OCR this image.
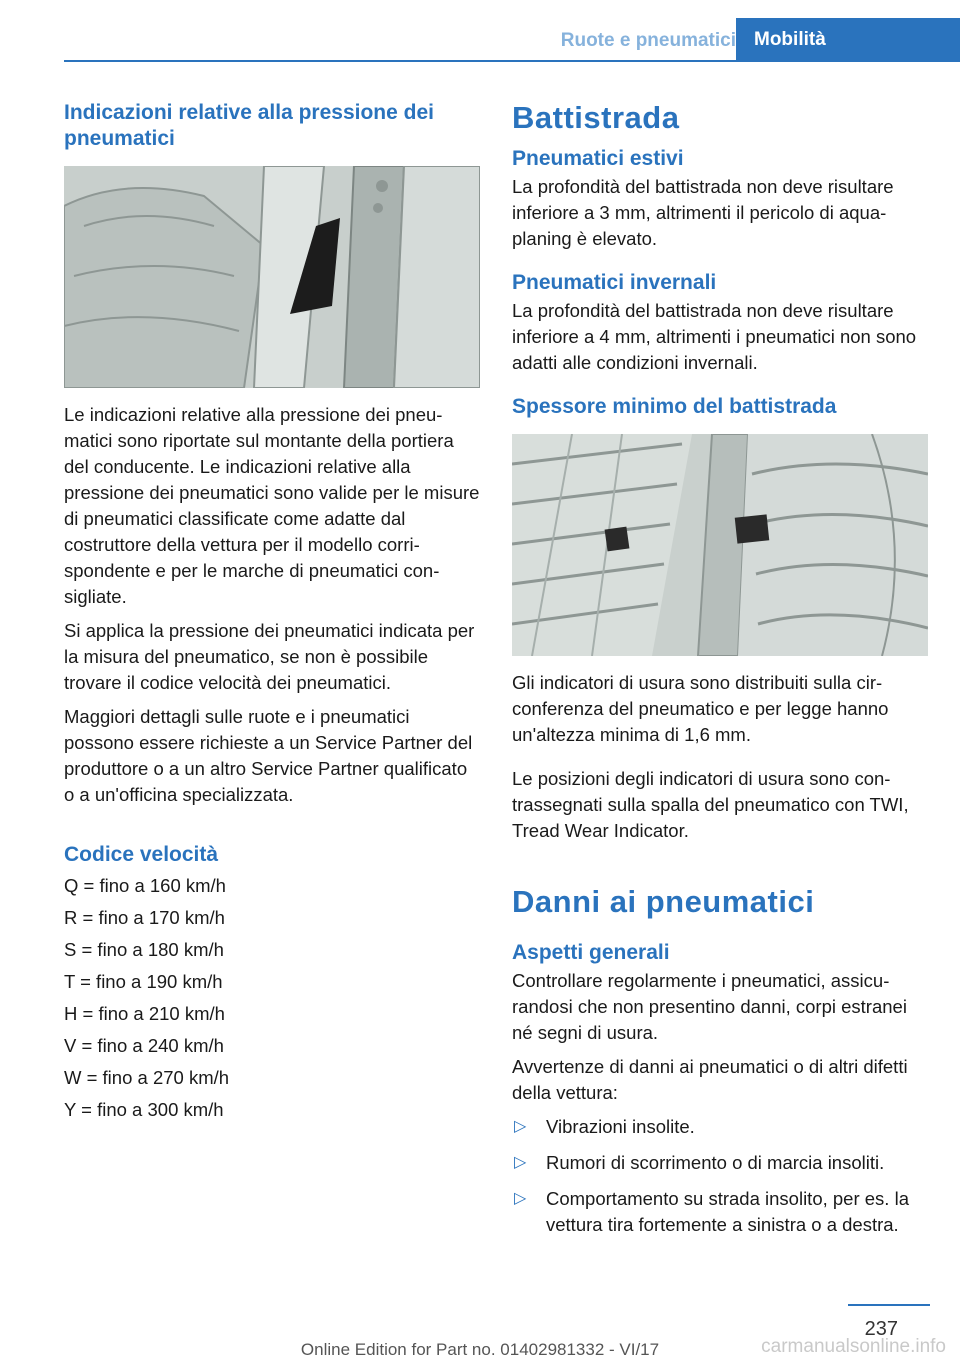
Ruote e pneumatici Mobilità
Indicazioni relative alla pressione dei pneumatici

Le indicazioni relative alla pressione dei pneumatici sono riportate sul montante della portiera del conducente. Le indicazioni relative alla pressione dei pneumatici sono valide per le misure di pneumatici classificate come adatte dal costruttore della vettura per il modello corrispondente e per le marche di pneumatici consigliate.

Si applica la pressione dei pneumatici indicata per la misura del pneumatico, se non è possibile trovare il codice velocità dei pneumatici.

Maggiori dettagli sulle ruote e i pneumatici possono essere richieste a un Service Partner del produttore o a un altro Service Partner qualificato o a un'officina specializzata.

Codice velocità
Q = fino a 160 km/h
R = fino a 170 km/h
S = fino a 180 km/h
T = fino a 190 km/h
H = fino a 210 km/h
V = fino a 240 km/h
W = fino a 270 km/h
Y = fino a 300 km/h
Battistrada
Pneumatici estivi

La profondità del battistrada non deve risultare inferiore a 3 mm, altrimenti il pericolo di aquaplaning è elevato.

Pneumatici invernali

La profondità del battistrada non deve risultare inferiore a 4 mm, altrimenti i pneumatici non sono adatti alle condizioni invernali.

Spessore minimo del battistrada

Gli indicatori di usura sono distribuiti sulla circonferenza del pneumatico e per legge hanno un'altezza minima di 1,6 mm.

Le posizioni degli indicatori di usura sono contrassegnati sulla spalla del pneumatico con TWI, Tread Wear Indicator.

Danni ai pneumatici
Aspetti generali

Controllare regolarmente i pneumatici, assicurandosi che non presentino danni, corpi estranei né segni di usura.

Avvertenze di danni ai pneumatici o di altri difetti della vettura:

▷ Vibrazioni insolite.
▷ Rumori di scorrimento o di marcia insoliti.
▷ Comportamento su strada insolito, per es. la vettura tira fortemente a sinistra o a destra.
237
Online Edition for Part no. 01402981332 - VI/17	carmanualsonline.info
